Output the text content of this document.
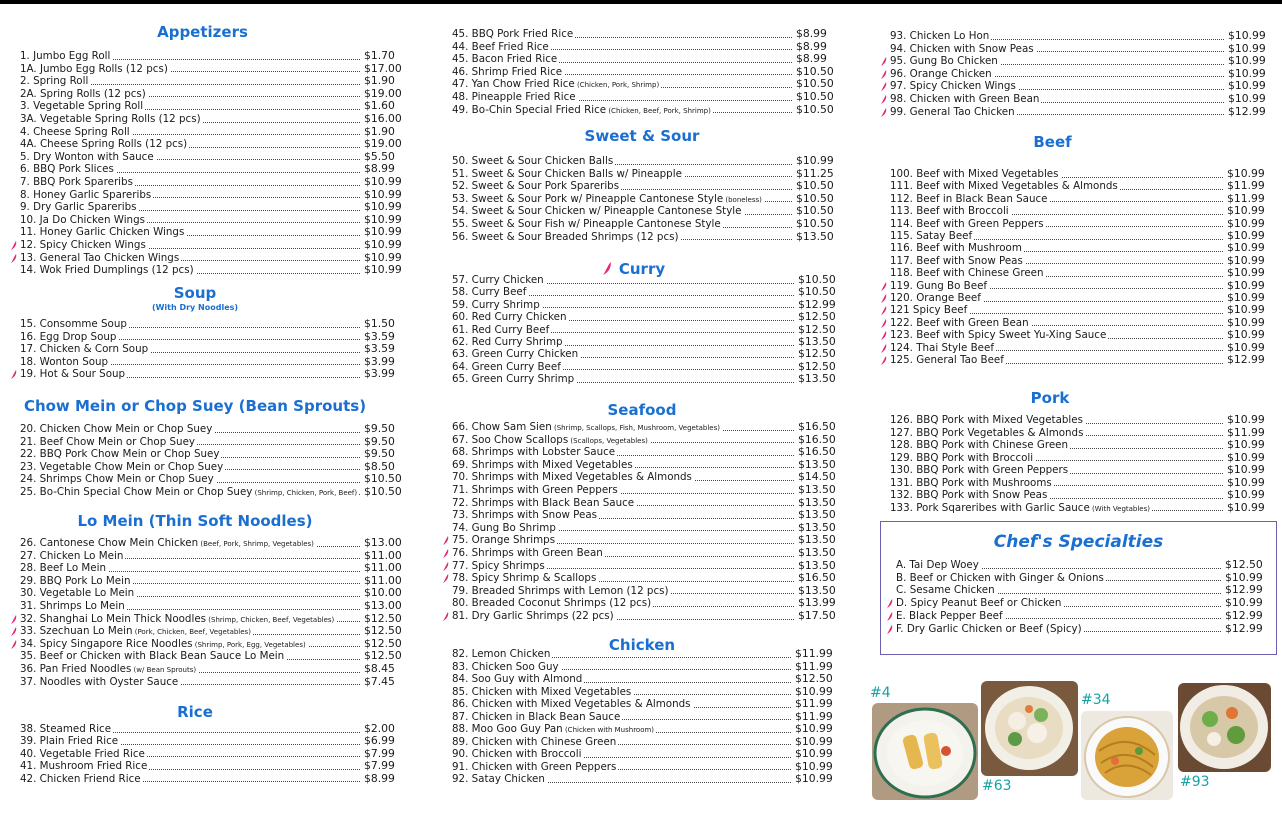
Appetizers
Soup
(With Dry Noodles)
Chow Mein or Chop Suey (Bean Sprouts)
Lo Mein (Thin Soft Noodles)
Rice
Sweet & Sour
Curry
Seafood
Chicken
Beef
Pork
Chef's Specialties
1. Jumbo Egg Roll	$1.70
1A. Jumbo Egg Rolls (12 pcs)	$17.00
2. Spring Roll	$1.90
2A. Spring Rolls (12 pcs)	$19.00
3. Vegetable Spring Roll	$1.60
3A. Vegetable Spring Rolls (12 pcs)	$16.00
4. Cheese Spring Roll	$1.90
4A. Cheese Spring Rolls (12 pcs)	$19.00
5. Dry Wonton with Sauce	$5.50
6. BBQ Pork Slices	$8.99
7. BBQ Pork Spareribs	$10.99
8. Honey Garlic Spareribs	$10.99
9. Dry Garlic Spareribs	$10.99
10. Ja Do Chicken Wings	$10.99
11. Honey Garlic Chicken Wings	$10.99
12. Spicy Chicken Wings	$10.99
13. General Tao Chicken Wings	$10.99
14. Wok Fried Dumplings (12 pcs)	$10.99
15. Consomme Soup	$1.50
16. Egg Drop Soup	$3.59
17. Chicken & Corn Soup	$3.59
18. Wonton Soup	$3.99
19. Hot & Sour Soup	$3.99
20. Chicken Chow Mein or Chop Suey	$9.50
21. Beef Chow Mein or Chop Suey	$9.50
22. BBQ Pork Chow Mein or Chop Suey	$9.50
23. Vegetable Chow Mein or Chop Suey	$8.50
24. Shrimps Chow Mein or Chop Suey	$10.50
25. Bo-Chin Special Chow Mein or Chop Suey (Shrimp, Chicken, Pork, Beef) $10.50
26. Cantonese Chow Mein Chicken (Beef, Pork, Shrimp, Vegetables)	$13.00
27. Chicken Lo Mein	$11.00
28. Beef Lo Mein	$11.00
29. BBQ Pork Lo Mein	$11.00
30. Vegetable Lo Mein	$10.00
31. Shrimps Lo Mein	$13.00
32. Shanghai Lo Mein Thick Noodles (Shrimp, Chicken, Beef, Vegetables)	$12.50
33. Szechuan Lo Mein (Pork, Chicken, Beef, Vegetables)	$12.50
34. Spicy Singapore Rice Noodles (Shrimp, Pork, Egg, Vegetables)	$12.50
35. Beef or Chicken with Black Bean Sauce Lo Mein	$12.50
36. Pan Fried Noodles (w/ Bean Sprouts)	$8.45
37. Noodles with Oyster Sauce	$7.45
38. Steamed Rice	$2.00
39. Plain Fried Rice	$6.99
40. Vegetable Fried Rice	$7.99
41. Mushroom Fried Rice	$7.99
42. Chicken Friend Rice	$8.99
45. BBQ Pork Fried Rice	$8.99
44. Beef Fried Rice	$8.99
45. Bacon Fried Rice	$8.99
46. Shrimp Fried Rice	$10.50
47. Yan Chow Fried Rice (Chicken, Pork, Shrimp)	$10.50
48. Pineapple Fried Rice	$10.50
49. Bo-Chin Special Fried Rice (Chicken, Beef, Pork, Shrimp)	$10.50
50. Sweet & Sour Chicken Balls	$10.99
51. Sweet & Sour Chicken Balls w/ Pineapple	$11.25
52. Sweet & Sour Pork Spareribs	$10.50
53. Sweet & Sour Pork w/ Pineapple Cantonese Style (boneless)	$10.50
54. Sweet & Sour Chicken w/ Pineapple Cantonese Style	$10.50
55. Sweet & Sour Fish w/ Pineapple Cantonese Style	$10.50
56. Sweet & Sour Breaded Shrimps (12 pcs)	$13.50
57. Curry Chicken	$10.50
58. Curry Beef	$10.50
59. Curry Shrimp	$12.99
60. Red Curry Chicken	$12.50
61. Red Curry Beef	$12.50
62. Red Curry Shrimp	$13.50
63. Green Curry Chicken	$12.50
64. Green Curry Beef	$12.50
65. Green Curry Shrimp	$13.50
66. Chow Sam Sien (Shrimp, Scallops, Fish, Mushroom, Vegetables)	$16.50
67. Soo Chow Scallops (Scallops, Vegetables)	$16.50
68. Shrimps with Lobster Sauce	$16.50
69. Shrimps with Mixed Vegetables	$13.50
70. Shrimps with Mixed Vegetables & Almonds	$14.50
71. Shrimps with Green Peppers	$13.50
72. Shrimps with Black Bean Sauce	$13.50
73. Shrimps with Snow Peas	$13.50
74. Gung Bo Shrimp	$13.50
75. Orange Shrimps	$13.50
76. Shrimps with Green Bean	$13.50
77. Spicy Shrimps	$13.50
78. Spicy Shrimp & Scallops	$16.50
79. Breaded Shrimps with Lemon (12 pcs)	$13.50
80. Breaded Coconut Shrimps (12 pcs)	$13.99
81. Dry Garlic Shrimps (22 pcs)	$17.50
82. Lemon Chicken	$11.99
83. Chicken Soo Guy	$11.99
84. Soo Guy with Almond	$12.50
85. Chicken with Mixed Vegetables	$10.99
86. Chicken with Mixed Vegetables & Almonds	$11.99
87. Chicken in Black Bean Sauce	$11.99
88. Moo Goo Guy Pan (Chicken with Mushroom)	$10.99
89. Chicken with Chinese Green	$10.99
90. Chicken with Broccoli	$10.99
91. Chicken with Green Peppers	$10.99
92. Satay Chicken	$10.99
93. Chicken Lo Hon	$10.99
94. Chicken with Snow Peas	$10.99
95. Gung Bo Chicken	$10.99
96. Orange Chicken	$10.99
97. Spicy Chicken Wings	$10.99
98. Chicken with Green Bean	$10.99
99. General Tao Chicken	$12.99
100. Beef with Mixed Vegetables	$10.99
111. Beef with Mixed Vegetables & Almonds	$11.99
112. Beef in Black Bean Sauce	$11.99
113. Beef with Broccoli	$10.99
114. Beef with Green Peppers	$10.99
115. Satay Beef	$10.99
116. Beef with Mushroom	$10.99
117. Beef with Snow Peas	$10.99
118. Beef with Chinese Green	$10.99
119. Gung Bo Beef	$10.99
120. Orange Beef	$10.99
121 Spicy Beef	$10.99
122. Beef with Green Bean	$10.99
123. Beef with Spicy Sweet Yu-Xing Sauce	$10.99
124. Thai Style Beef	$10.99
125. General Tao Beef	$12.99
126. BBQ Pork with Mixed Vegetables	$10.99
127. BBQ Pork Vegetables & Almonds	$11.99
128. BBQ Pork with Chinese Green	$10.99
129. BBQ Pork with Broccoli	$10.99
130. BBQ Pork with Green Peppers	$10.99
131. BBQ Pork with Mushrooms	$10.99
132. BBQ Pork with Snow Peas	$10.99
133. Pork Sqareribes with Garlic Sauce (With Vegtables)	$10.99
A. Tai Dep Woey	$12.50
B. Beef or Chicken with Ginger & Onions	$10.99
C. Sesame Chicken	$12.99
D. Spicy Peanut Beef or Chicken	$10.99
E. Black Pepper Beef	$12.99
F. Dry Garlic Chicken or Beef (Spicy)	$12.99
#4
#63
#34
#93
